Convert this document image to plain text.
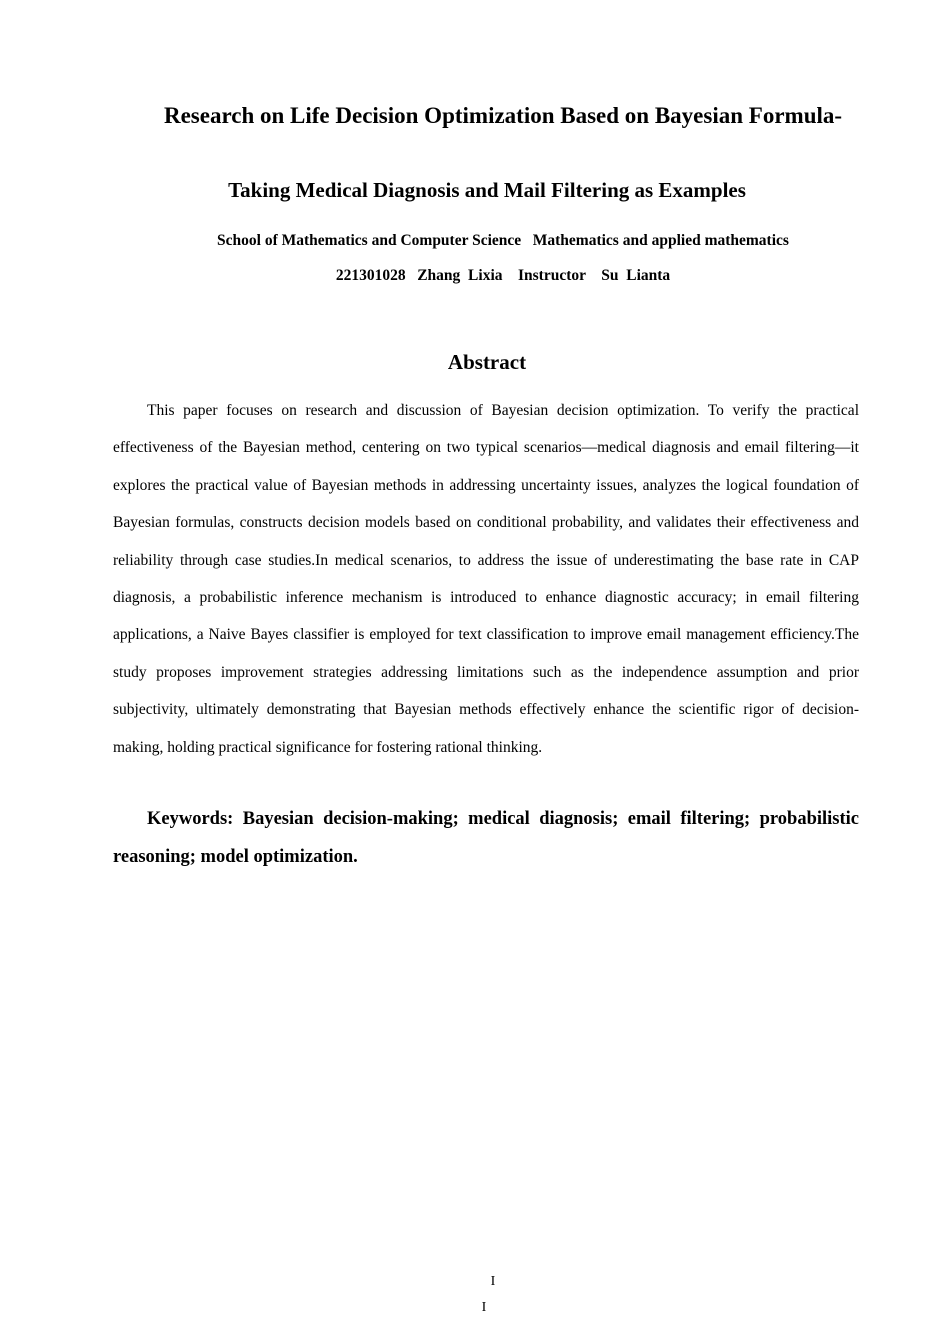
Research on Life Decision Optimization Based on Bayesian Formula-
Taking Medical Diagnosis and Mail Filtering as Examples
School of Mathematics and Computer Science   Mathematics and applied mathematics
221301028   Zhang  Lixia    Instructor    Su  Lianta
Abstract

This paper focuses on research and discussion of Bayesian decision optimization. To verify the practical effectiveness of the Bayesian method, centering on two typical scenarios—medical diagnosis and email filtering—it explores the practical value of Bayesian methods in addressing uncertainty issues, analyzes the logical foundation of Bayesian formulas, constructs decision models based on conditional probability, and validates their effectiveness and reliability through case studies.In medical scenarios, to address the issue of underestimating the base rate in CAP diagnosis, a probabilistic inference mechanism is introduced to enhance diagnostic accuracy; in email filtering applications, a Naive Bayes classifier is employed for text classification to improve email management efficiency.The study proposes improvement strategies addressing limitations such as the independence assumption and prior subjectivity, ultimately demonstrating that Bayesian methods effectively enhance the scientific rigor of decision-making, holding practical significance for fostering rational thinking.

Keywords: Bayesian decision-making; medical diagnosis; email filtering; probabilistic reasoning; model optimization.

I
I
